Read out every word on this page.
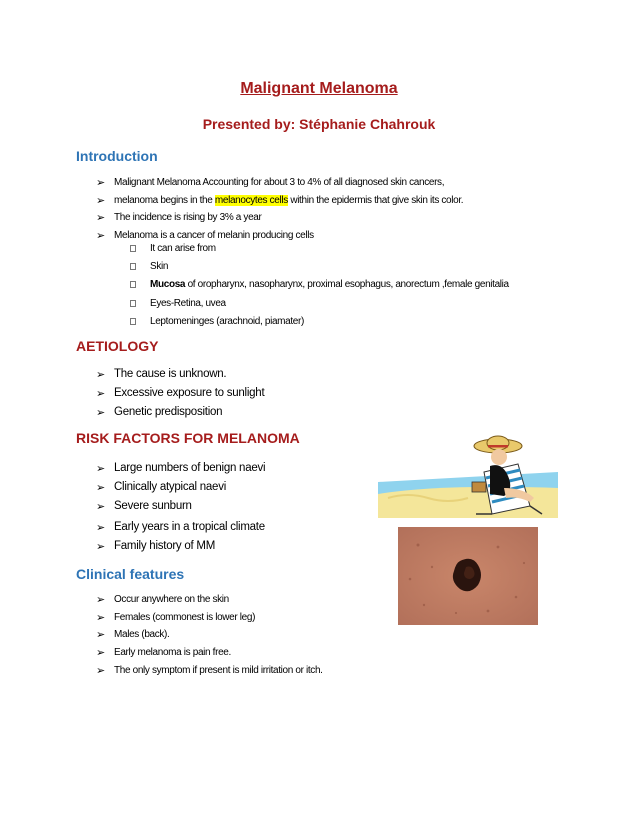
Malignant Melanoma
Presented by: Stéphanie Chahrouk
Introduction
➢ Malignant Melanoma Accounting for about 3 to 4% of all diagnosed skin cancers,
➢ melanoma begins in the melanocytes cells within the epidermis that give skin its color.
➢ The incidence is rising by 3% a year
➢ Melanoma is a cancer of melanin producing cells
It can arise from
Skin
Mucosa of oropharynx, nasopharynx, proximal esophagus, anorectum ,female genitalia
Eyes-Retina, uvea
Leptomeninges (arachnoid, piamater)
AETIOLOGY
➢ The cause is unknown.
➢ Excessive exposure to sunlight
➢ Genetic predisposition
RISK FACTORS FOR MELANOMA
➢ Large numbers of benign naevi
➢ Clinically atypical naevi
➢ Severe sunburn
➢ Early years in a tropical climate
➢ Family history of MM
Clinical features
➢ Occur anywhere on the skin
➢ Females (commonest is lower leg)
➢ Males (back).
➢ Early melanoma is pain free.
➢ The only symptom if present is mild irritation or itch.
